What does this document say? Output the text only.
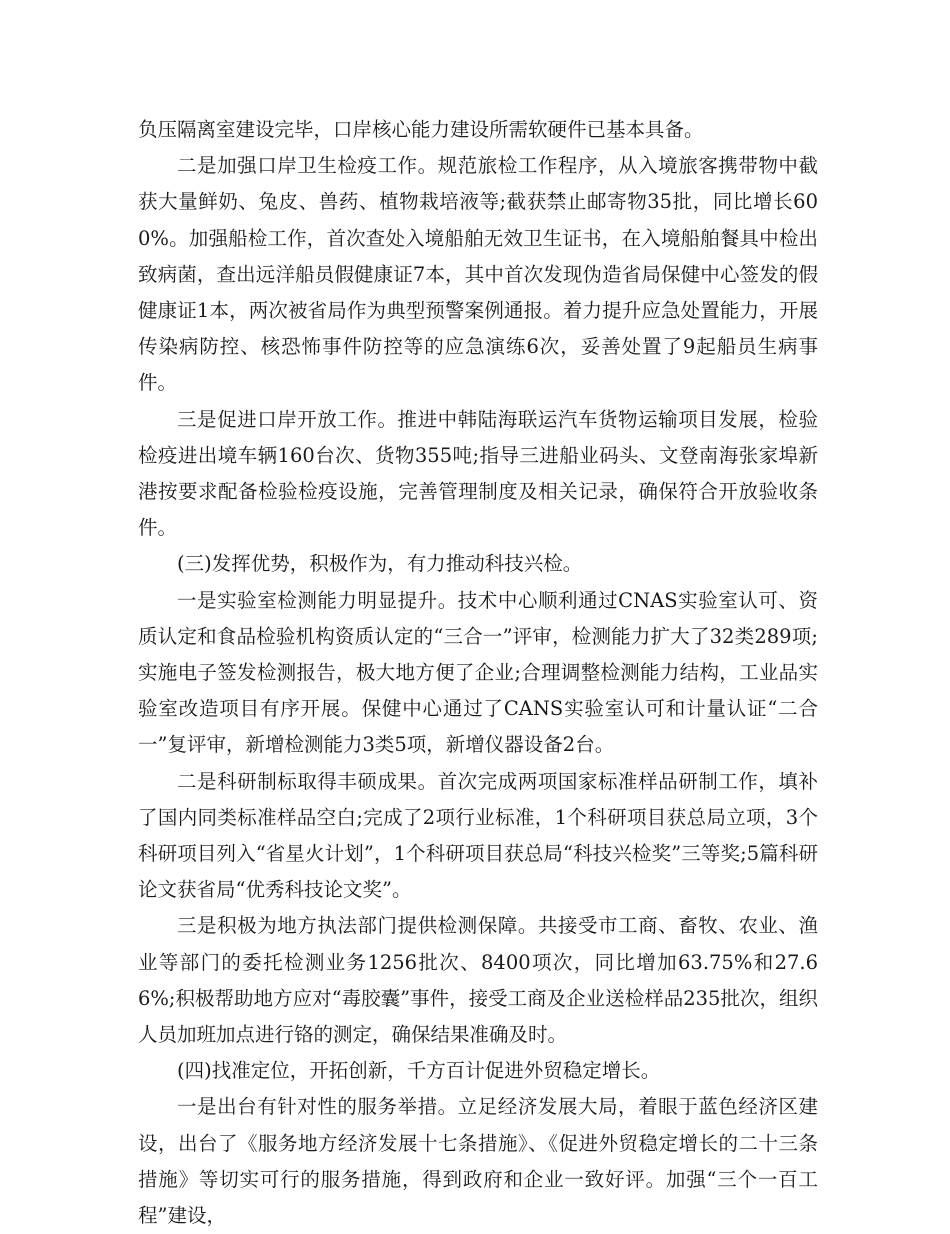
负压隔离室建设完毕，口岸核心能力建设所需软硬件已基本具备。

二是加强口岸卫生检疫工作。规范旅检工作程序，从入境旅客携带物中截获大量鲜奶、兔皮、兽药、植物栽培液等;截获禁止邮寄物35批，同比增长600%。加强船检工作，首次查处入境船舶无效卫生证书，在入境船舶餐具中检出致病菌，查出远洋船员假健康证7本，其中首次发现伪造省局保健中心签发的假健康证1本，两次被省局作为典型预警案例通报。着力提升应急处置能力，开展传染病防控、核恐怖事件防控等的应急演练6次，妥善处置了9起船员生病事件。

三是促进口岸开放工作。推进中韩陆海联运汽车货物运输项目发展，检验检疫进出境车辆160台次、货物355吨;指导三进船业码头、文登南海张家埠新港按要求配备检验检疫设施，完善管理制度及相关记录，确保符合开放验收条件。

(三)发挥优势，积极作为，有力推动科技兴检。

一是实验室检测能力明显提升。技术中心顺利通过CNAS实验室认可、资质认定和食品检验机构资质认定的“三合一”评审，检测能力扩大了32类289项;实施电子签发检测报告，极大地方便了企业;合理调整检测能力结构，工业品实验室改造项目有序开展。保健中心通过了CANS实验室认可和计量认证“二合一”复评审，新增检测能力3类5项，新增仪器设备2台。

二是科研制标取得丰硕成果。首次完成两项国家标准样品研制工作，填补了国内同类标准样品空白;完成了2项行业标准，1个科研项目获总局立项，3个科研项目列入“省星火计划”，1个科研项目获总局“科技兴检奖”三等奖;5篇科研论文获省局“优秀科技论文奖”。

三是积极为地方执法部门提供检测保障。共接受市工商、畜牧、农业、渔业等部门的委托检测业务1256批次、8400项次，同比增加63.75%和27.66%;积极帮助地方应对“毒胶囊”事件，接受工商及企业送检样品235批次，组织人员加班加点进行铬的测定，确保结果准确及时。

(四)找准定位，开拓创新，千方百计促进外贸稳定增长。

一是出台有针对性的服务举措。立足经济发展大局，着眼于蓝色经济区建设，出台了《服务地方经济发展十七条措施》、《促进外贸稳定增长的二十三条措施》等切实可行的服务措施，得到政府和企业一致好评。加强“三个一百工程”建设，
